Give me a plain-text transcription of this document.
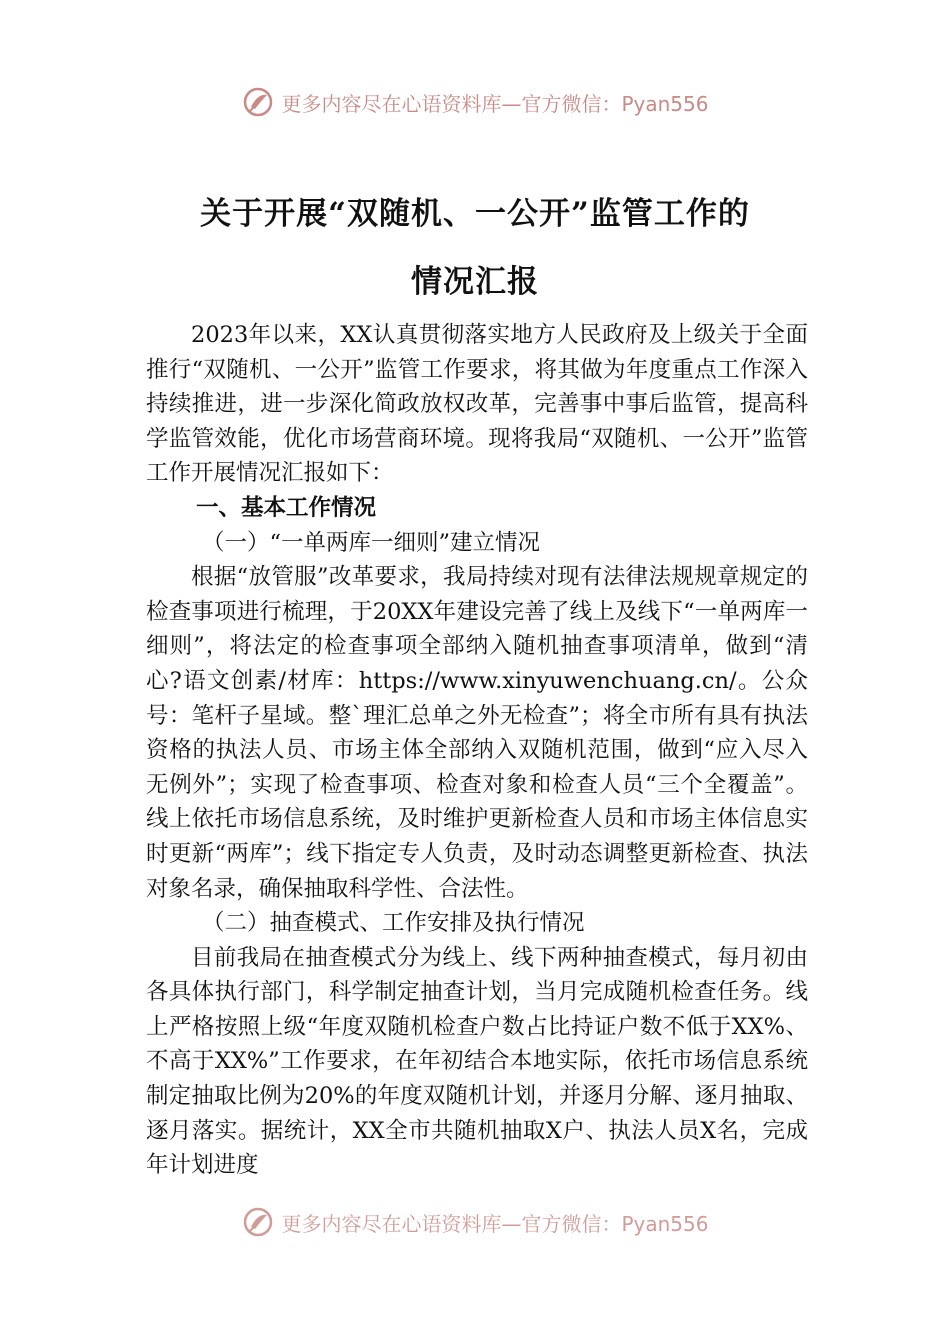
更多内容尽在心语资料库—官方微信：Pyan556
关于开展“双随机、一公开”监管工作的
情况汇报

2023年以来，XX认真贯彻落实地方人民政府及上级关于全面推行“双随机、一公开”监管工作要求，将其做为年度重点工作深入持续推进，进一步深化简政放权改革，完善事中事后监管，提高科学监管效能，优化市场营商环境。现将我局“双随机、一公开”监管工作开展情况汇报如下：

一、基本工作情况

（一）“一单两库一细则”建立情况

根据“放管服”改革要求，我局持续对现有法律法规规章规定的检查事项进行梳理，于20XX年建设完善了线上及线下“一单两库一细则”，将法定的检查事项全部纳入随机抽查事项清单，做到“清心?语文创素/材库：https://www.xinyuwenchuang.cn/。公众号：笔杆子星域。整`理汇总单之外无检查”；将全市所有具有执法资格的执法人员、市场主体全部纳入双随机范围，做到“应入尽入无例外”；实现了检查事项、检查对象和检查人员“三个全覆盖”。线上依托市场信息系统，及时维护更新检查人员和市场主体信息实时更新“两库”；线下指定专人负责，及时动态调整更新检查、执法对象名录，确保抽取科学性、合法性。

（二）抽查模式、工作安排及执行情况

目前我局在抽查模式分为线上、线下两种抽查模式，每月初由各具体执行部门，科学制定抽查计划，当月完成随机检查任务。线上严格按照上级“年度双随机检查户数占比持证户数不低于XX%、不高于XX%”工作要求，在年初结合本地实际，依托市场信息系统制定抽取比例为20%的年度双随机计划，并逐月分解、逐月抽取、逐月落实。据统计，XX全市共随机抽取X户、执法人员X名，完成年计划进度

更多内容尽在心语资料库—官方微信：Pyan556
